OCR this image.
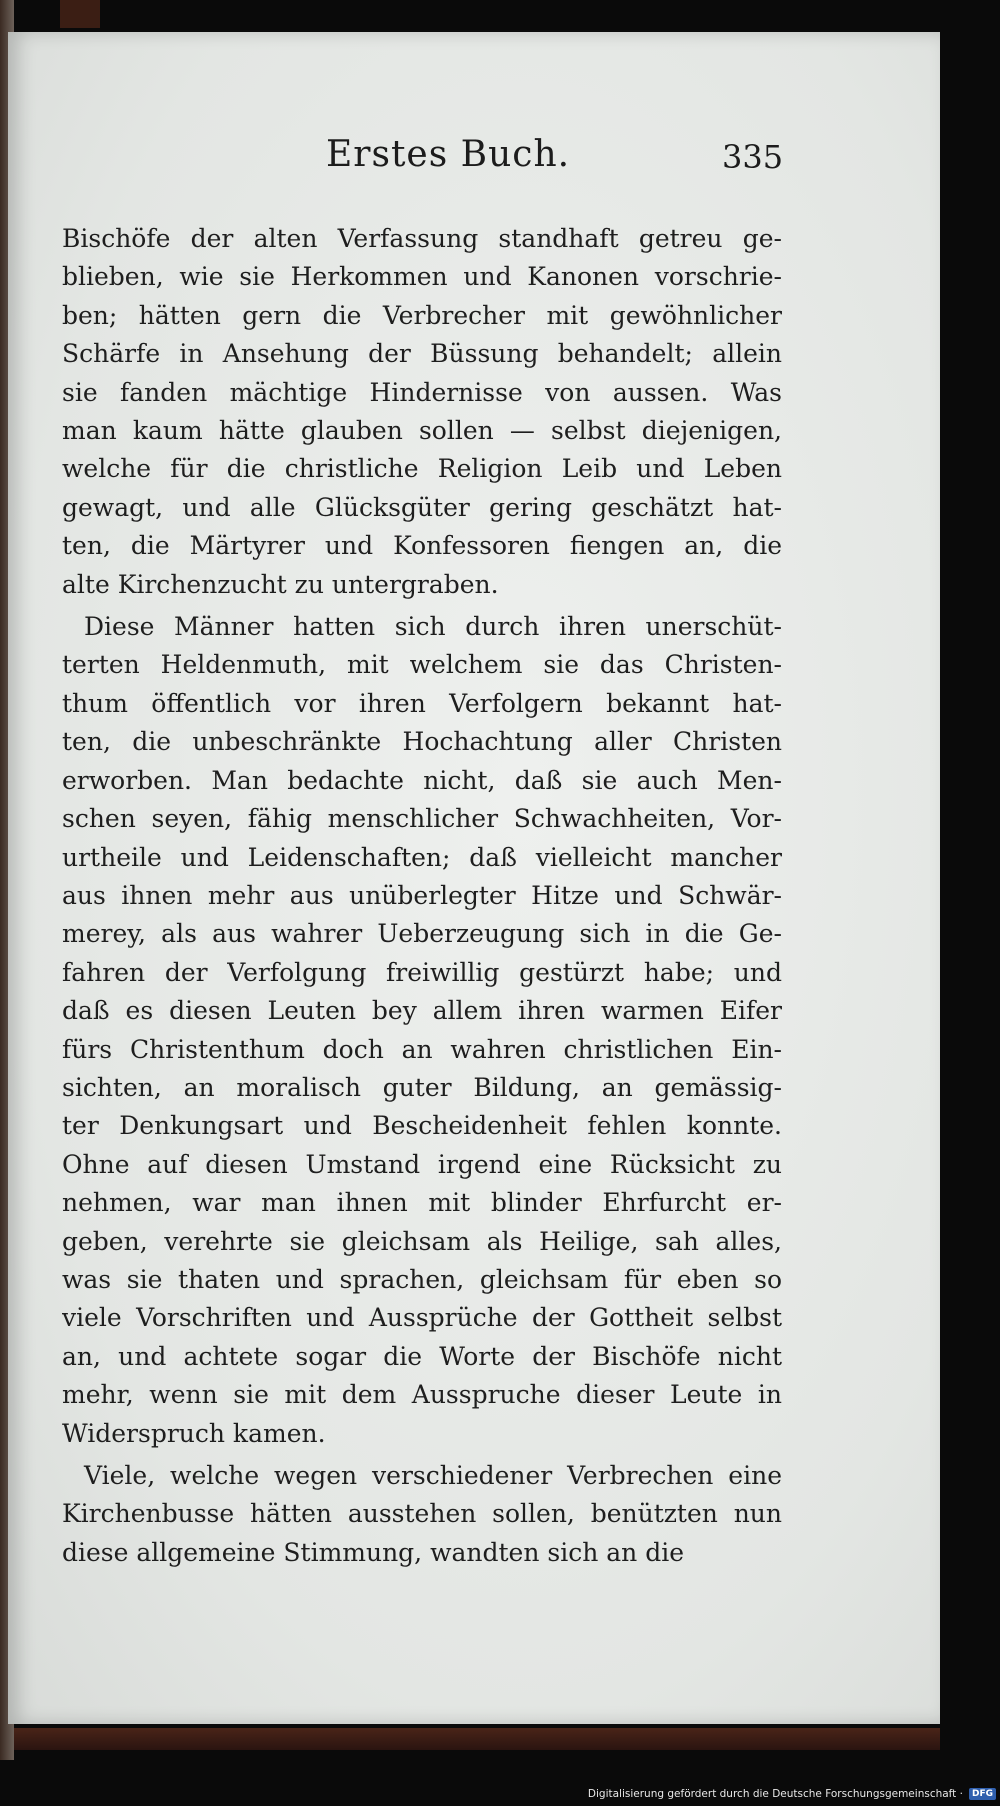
Erstes Buch.	335
Bischöfe der alten Verfassung standhaft getreu ge-
blieben, wie sie Herkommen und Kanonen vorschrie-
ben; hätten gern die Verbrecher mit gewöhnlicher
Schärfe in Ansehung der Büssung behandelt; allein
sie fanden mächtige Hindernisse von aussen. Was
man kaum hätte glauben sollen — selbst diejenigen,
welche für die christliche Religion Leib und Leben
gewagt, und alle Glücksgüter gering geschätzt hat-
ten, die Märtyrer und Konfessoren fiengen an, die
alte Kirchenzucht zu untergraben.
Diese Männer hatten sich durch ihren unerschüt-
terten Heldenmuth, mit welchem sie das Christen-
thum öffentlich vor ihren Verfolgern bekannt hat-
ten, die unbeschränkte Hochachtung aller Christen
erworben. Man bedachte nicht, daß sie auch Men-
schen seyen, fähig menschlicher Schwachheiten, Vor-
urtheile und Leidenschaften; daß vielleicht mancher
aus ihnen mehr aus unüberlegter Hitze und Schwär-
merey, als aus wahrer Ueberzeugung sich in die Ge-
fahren der Verfolgung freiwillig gestürzt habe; und
daß es diesen Leuten bey allem ihren warmen Eifer
fürs Christenthum doch an wahren christlichen Ein-
sichten, an moralisch guter Bildung, an gemässig-
ter Denkungsart und Bescheidenheit fehlen konnte.
Ohne auf diesen Umstand irgend eine Rücksicht zu
nehmen, war man ihnen mit blinder Ehrfurcht er-
geben, verehrte sie gleichsam als Heilige, sah alles,
was sie thaten und sprachen, gleichsam für eben so
viele Vorschriften und Aussprüche der Gottheit selbst
an, und achtete sogar die Worte der Bischöfe nicht
mehr, wenn sie mit dem Ausspruche dieser Leute in
Widerspruch kamen.
Viele, welche wegen verschiedener Verbrechen eine
Kirchenbusse hätten ausstehen sollen, benützten nun
diese allgemeine Stimmung, wandten sich an die
Digitalisierung gefördert durch die Deutsche Forschungsgemeinschaft ·	DFG
